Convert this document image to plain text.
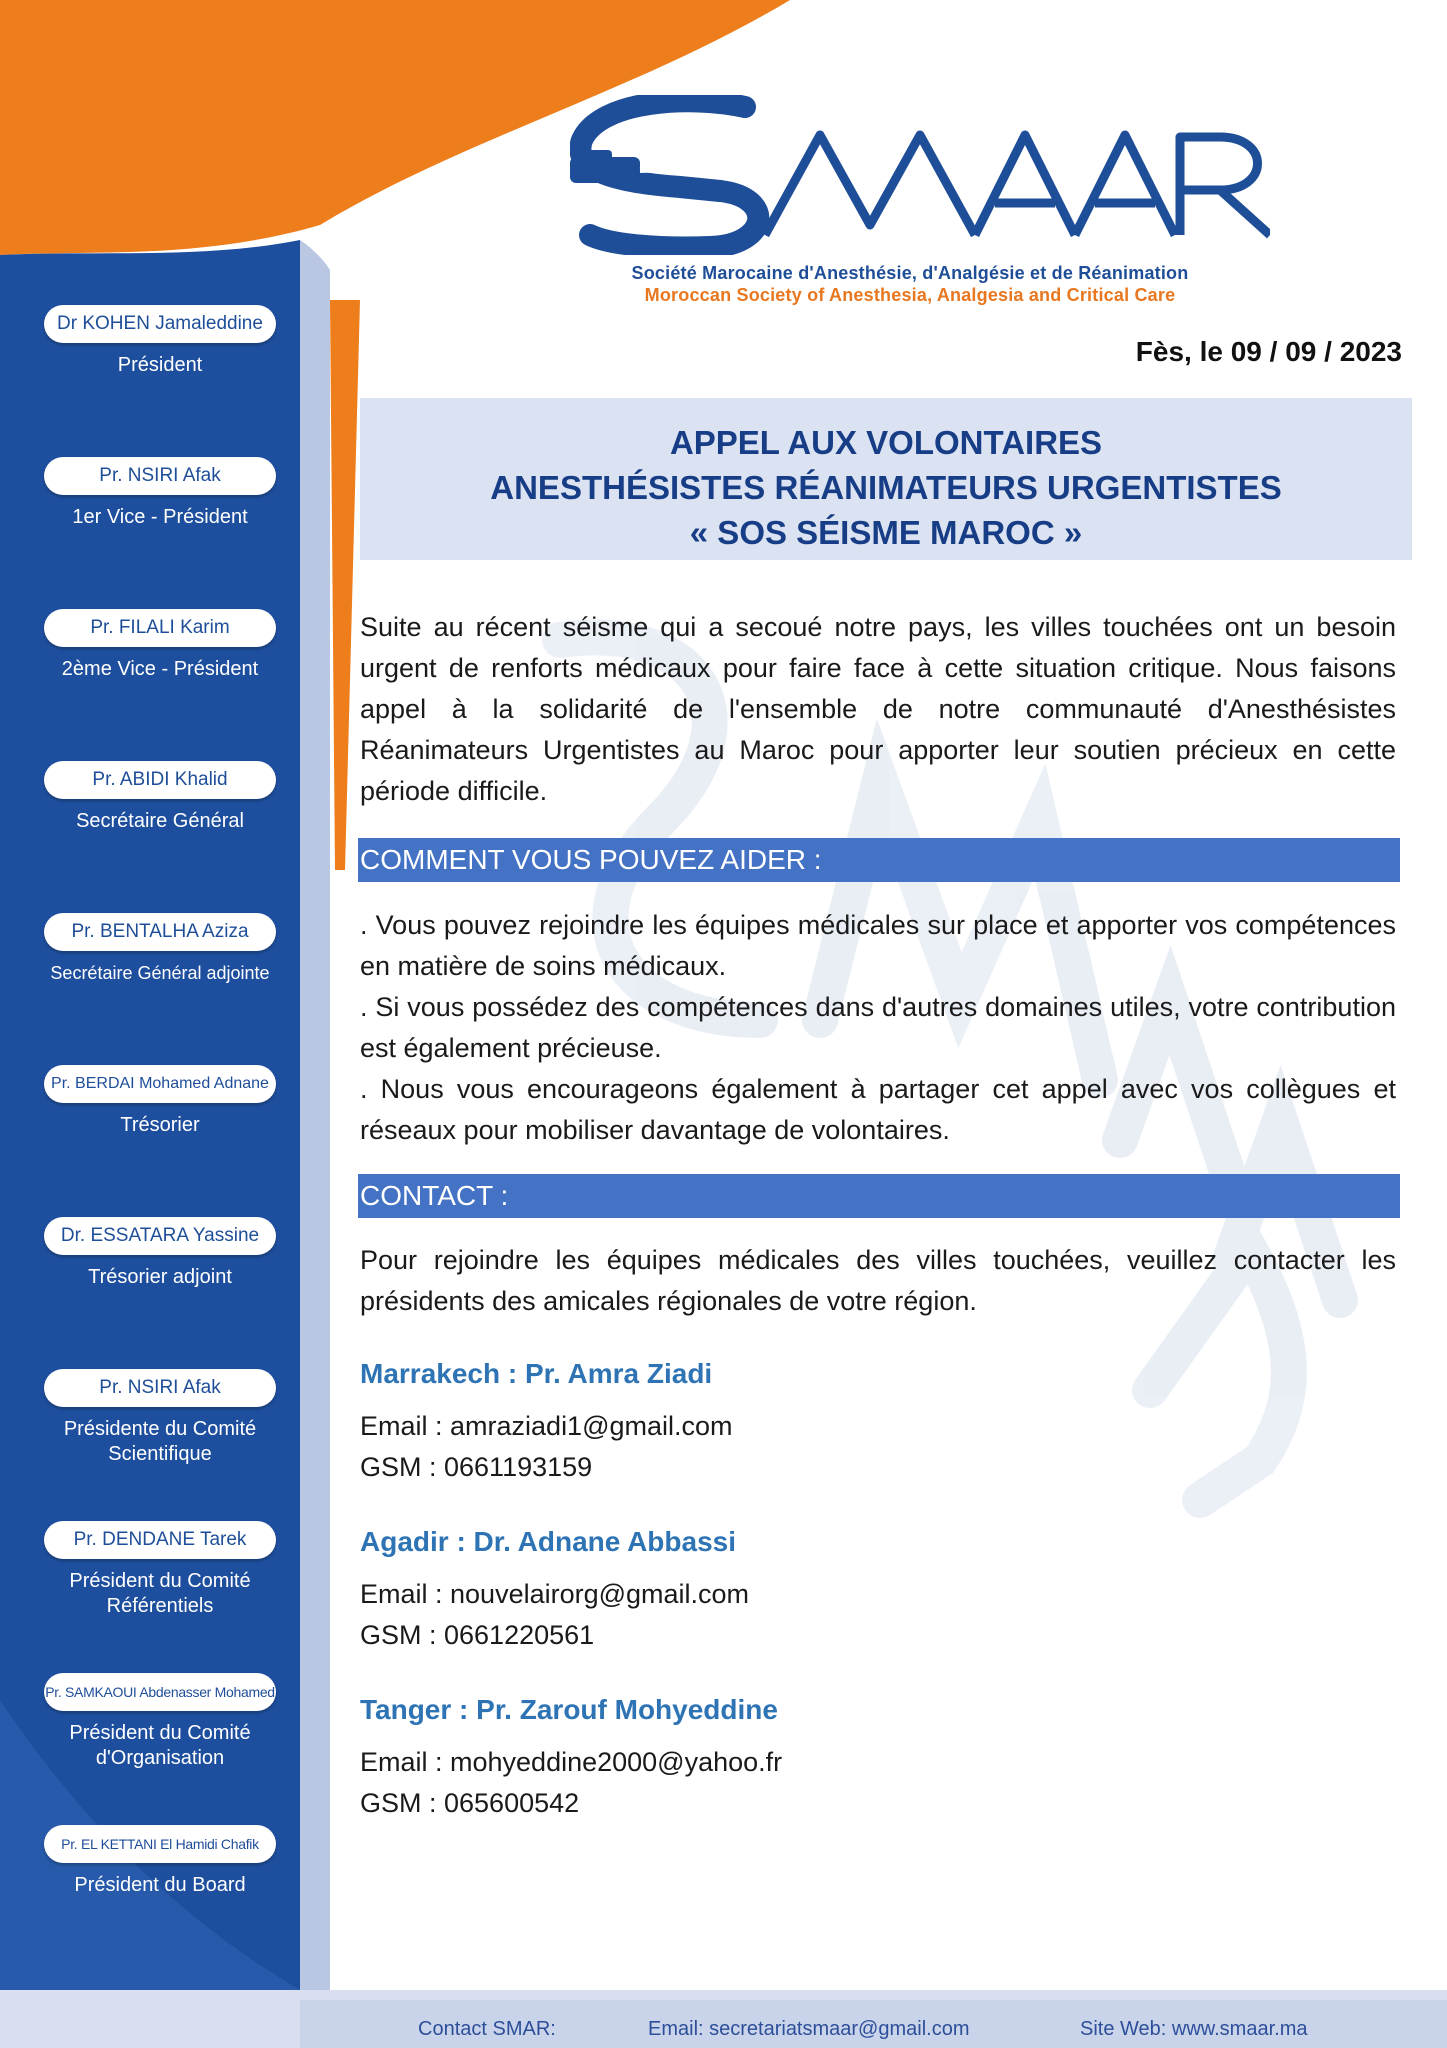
Société Marocaine d'Anesthésie, d'Analgésie et de Réanimation
Moroccan Society of Anesthesia, Analgesia and Critical Care
Dr KOHEN Jamaleddine
Président
Pr. NSIRI Afak
1er Vice - Président
Pr. FILALI Karim
2ème Vice - Président
Pr. ABIDI Khalid
Secrétaire Général
Pr. BENTALHA Aziza
Secrétaire Général adjointe
Pr. BERDAI Mohamed Adnane
Trésorier
Dr. ESSATARA Yassine
Trésorier adjoint
Pr. NSIRI Afak
Présidente du Comité Scientifique
Pr. DENDANE Tarek
Président du Comité Référentiels
Pr. SAMKAOUI Abdenasser Mohamed
Président du Comité d'Organisation
Pr. EL KETTANI El Hamidi Chafik
Président du Board
Fès, le 09 / 09 / 2023
APPEL AUX VOLONTAIRES
ANESTHÉSISTES RÉANIMATEURS URGENTISTES
« SOS SÉISME MAROC »

Suite au récent séisme qui a secoué notre pays, les villes touchées ont un besoin urgent de renforts médicaux pour faire face à cette situation critique. Nous faisons appel à la solidarité de l'ensemble de notre communauté d'Anesthésistes Réanimateurs Urgentistes au Maroc pour apporter leur soutien précieux en cette période difficile.

COMMENT VOUS POUVEZ AIDER :

. Vous pouvez rejoindre les équipes médicales sur place et apporter vos compétences en matière de soins médicaux.

. Si vous possédez des compétences dans d'autres domaines utiles, votre contribution est également précieuse.

. Nous vous encourageons également à partager cet appel avec vos collègues et réseaux pour mobiliser davantage de volontaires.

CONTACT :

Pour rejoindre les équipes médicales des villes touchées, veuillez contacter les présidents des amicales régionales de votre région.

Marrakech : Pr. Amra Ziadi
Email : amraziadi1@gmail.com
GSM : 0661193159
Agadir : Dr. Adnane Abbassi
Email : nouvelairorg@gmail.com
GSM : 0661220561
Tanger : Pr. Zarouf Mohyeddine
Email : mohyeddine2000@yahoo.fr
GSM : 065600542
Contact SMAR:	Email: secretariatsmaar@gmail.com	Site Web: www.smaar.ma
